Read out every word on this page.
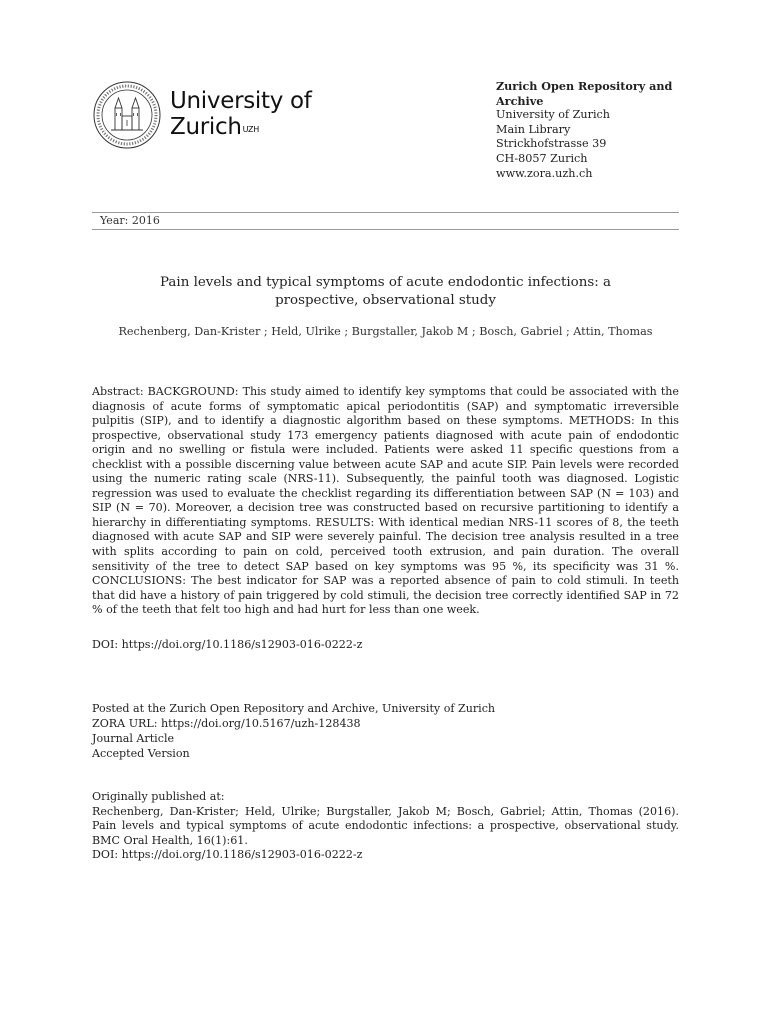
University of
Zurich$^{UZH}$
Zurich Open Repository and
Archive
University of Zurich
Main Library
Strickhofstrasse 39
CH-8057 Zurich
www.zora.uzh.ch
Year: 2016
Pain levels and typical symptoms of acute endodontic infections: a
prospective, observational study
Rechenberg, Dan-Krister ; Held, Ulrike ; Burgstaller, Jakob M ; Bosch, Gabriel ; Attin, Thomas
Abstract: BACKGROUND: This study aimed to identify key symptoms that could be associated with the diagnosis of acute forms of symptomatic apical periodontitis (SAP) and symptomatic irreversible pulpitis (SIP), and to identify a diagnostic algorithm based on these symptoms. METHODS: In this prospective, observational study 173 emergency patients diagnosed with acute pain of endodontic origin and no swelling or fistula were included. Patients were asked 11 specific questions from a checklist with a possible discerning value between acute SAP and acute SIP. Pain levels were recorded using the numeric rating scale (NRS-11). Subsequently, the painful tooth was diagnosed. Logistic regression was used to evaluate the checklist regarding its differentiation between SAP (N = 103) and SIP (N = 70). Moreover, a decision tree was constructed based on recursive partitioning to identify a hierarchy in differentiating symptoms. RESULTS: With identical median NRS-11 scores of 8, the teeth diagnosed with acute SAP and SIP were severely painful. The decision tree analysis resulted in a tree with splits according to pain on cold, perceived tooth extrusion, and pain duration. The overall sensitivity of the tree to detect SAP based on key symptoms was 95 %, its specificity was 31 %. CONCLUSIONS: The best indicator for SAP was a reported absence of pain to cold stimuli. In teeth that did have a history of pain triggered by cold stimuli, the decision tree correctly identified SAP in 72 % of the teeth that felt too high and had hurt for less than one week.
DOI: https://doi.org/10.1186/s12903-016-0222-z
Posted at the Zurich Open Repository and Archive, University of Zurich
ZORA URL: https://doi.org/10.5167/uzh-128438
Journal Article
Accepted Version
Originally published at:
Rechenberg, Dan-Krister; Held, Ulrike; Burgstaller, Jakob M; Bosch, Gabriel; Attin, Thomas (2016). Pain levels and typical symptoms of acute endodontic infections: a prospective, observational study. BMC Oral Health, 16(1):61.
DOI: https://doi.org/10.1186/s12903-016-0222-z
